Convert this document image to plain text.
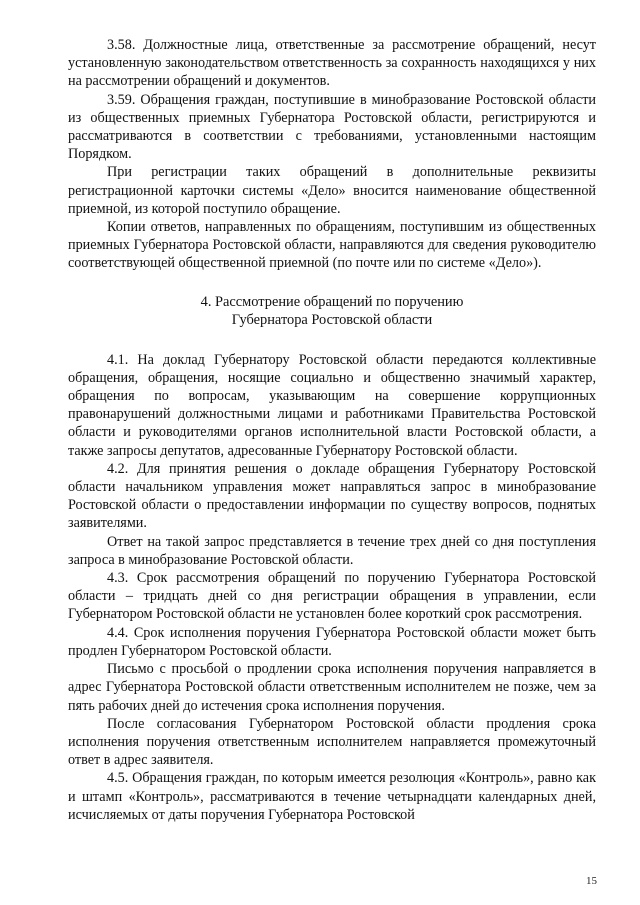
3.58. Должностные лица, ответственные за рассмотрение обращений, несут установленную законодательством ответственность за сохранность находящихся у них на рассмотрении обращений и документов.

3.59. Обращения граждан, поступившие в минобразование Ростовской области из общественных приемных Губернатора Ростовской области, регистрируются и рассматриваются в соответствии с требованиями, установленными настоящим Порядком.

При регистрации таких обращений в дополнительные реквизиты регистрационной карточки системы «Дело» вносится наименование общественной приемной, из которой поступило обращение.

Копии ответов, направленных по обращениям, поступившим из общественных приемных Губернатора Ростовской области, направляются для сведения руководителю соответствующей общественной приемной (по почте или по системе «Дело»).

4. Рассмотрение обращений по поручению
Губернатора Ростовской области

4.1. На доклад Губернатору Ростовской области передаются коллективные обращения, обращения, носящие социально и общественно значимый характер, обращения по вопросам, указывающим на совершение коррупционных правонарушений должностными лицами и работниками Правительства Ростовской области и руководителями органов исполнительной власти Ростовской области, а также запросы депутатов, адресованные Губернатору Ростовской области.

4.2. Для принятия решения о докладе обращения Губернатору Ростовской области начальником управления может направляться запрос в минобразование Ростовской области о предоставлении информации по существу вопросов, поднятых заявителями.

Ответ на такой запрос представляется в течение трех дней со дня поступления запроса в минобразование Ростовской области.

4.3. Срок рассмотрения обращений по поручению Губернатора Ростовской области – тридцать дней со дня регистрации обращения в управлении, если Губернатором Ростовской области не установлен более короткий срок рассмотрения.

4.4. Срок исполнения поручения Губернатора Ростовской области может быть продлен Губернатором Ростовской области.

Письмо с просьбой о продлении срока исполнения поручения направляется в адрес Губернатора Ростовской области ответственным исполнителем не позже, чем за пять рабочих дней до истечения срока исполнения поручения.

После согласования Губернатором Ростовской области продления срока исполнения поручения ответственным исполнителем направляется промежуточный ответ в адрес заявителя.

4.5. Обращения граждан, по которым имеется резолюция «Контроль», равно как и штамп «Контроль», рассматриваются в течение четырнадцати календарных дней, исчисляемых от даты поручения Губернатора Ростовской

15
